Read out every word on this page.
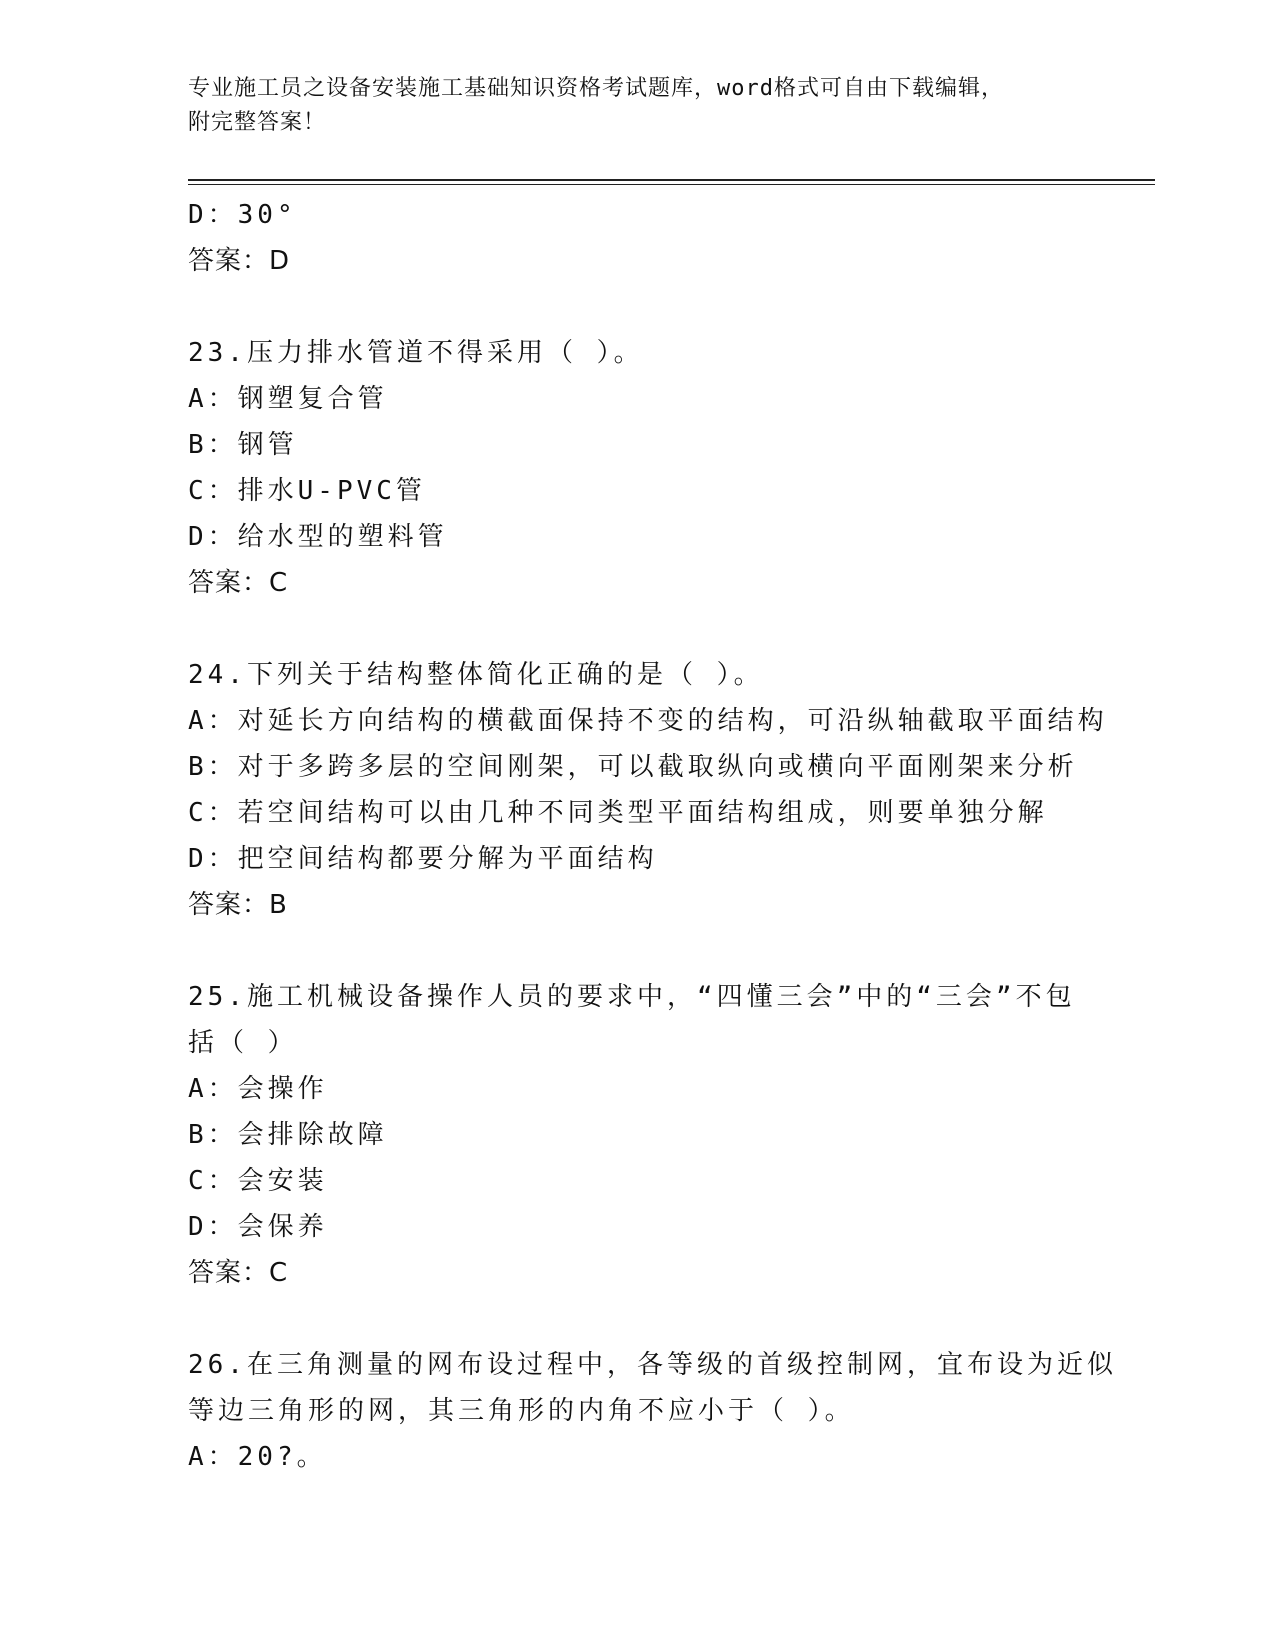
专业施工员之设备安装施工基础知识资格考试题库，word格式可自由下载编辑，
附完整答案！
D：30°
答案：D
23.压力排水管道不得采用（ ）。
A：钢塑复合管
B：钢管
C：排水U-PVC管
D：给水型的塑料管
答案：C
24.下列关于结构整体简化正确的是（ ）。
A：对延长方向结构的横截面保持不变的结构，可沿纵轴截取平面结构
B：对于多跨多层的空间刚架，可以截取纵向或横向平面刚架来分析
C：若空间结构可以由几种不同类型平面结构组成，则要单独分解
D：把空间结构都要分解为平面结构
答案：B
25.施工机械设备操作人员的要求中，“四懂三会”中的“三会”不包
括（ ）
A：会操作
B：会排除故障
C：会安装
D：会保养
答案：C
26.在三角测量的网布设过程中，各等级的首级控制网，宜布设为近似
等边三角形的网，其三角形的内角不应小于（ ）。
A：20?。
